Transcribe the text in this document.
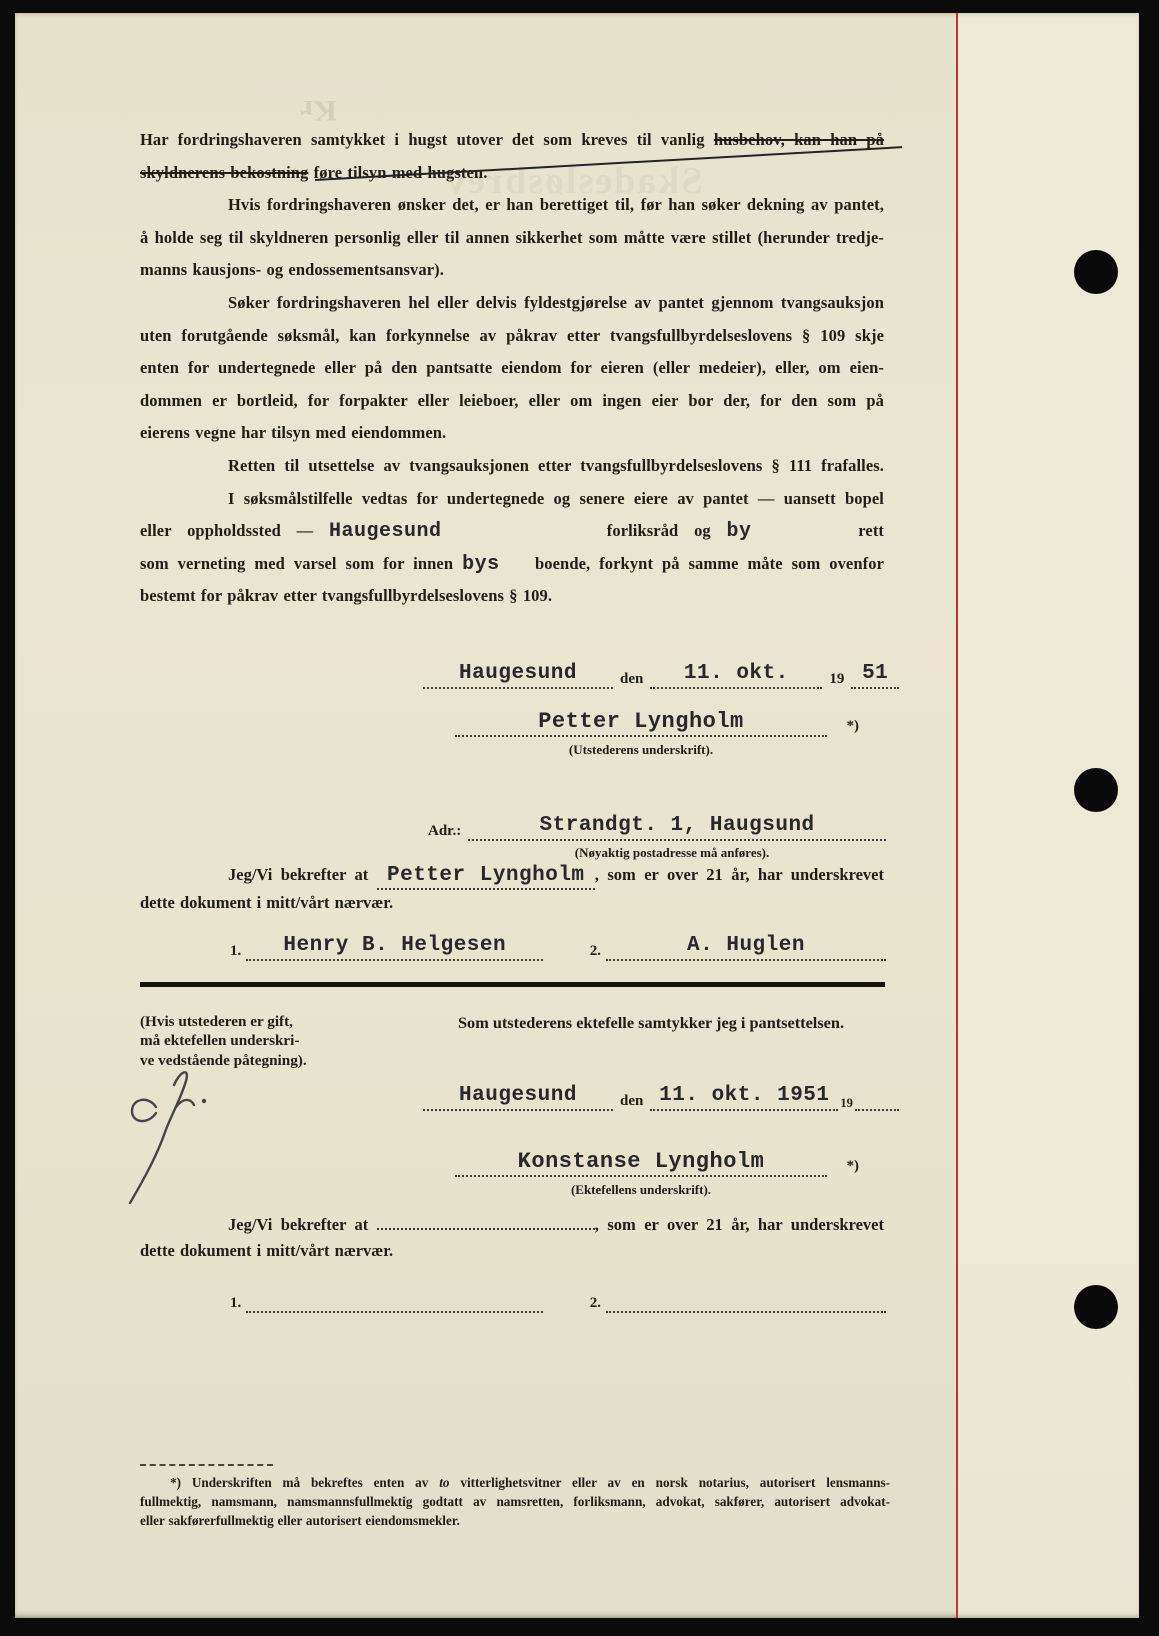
Kr
Skadesløsbrev
Har fordringshaveren samtykket i hugst utover det som kreves til vanlig husbehov, kan han på
skyldnerens bekostning føre tilsyn med hugsten.
Hvis fordringshaveren ønsker det, er han berettiget til, før han søker dekning av pantet,
å holde seg til skyldneren personlig eller til annen sikkerhet som måtte være stillet (herunder tredje-
manns kausjons- og endossementsansvar).
Søker fordringshaveren hel eller delvis fyldestgjørelse av pantet gjennom tvangsauksjon
uten forutgående søksmål, kan forkynnelse av påkrav etter tvangsfullbyrdelseslovens § 109 skje
enten for undertegnede eller på den pantsatte eiendom for eieren (eller medeier), eller, om eien-
dommen er bortleid, for forpakter eller leieboer, eller om ingen eier bor der, for den som på
eierens vegne har tilsyn med eiendommen.
Retten til utsettelse av tvangsauksjonen etter tvangsfullbyrdelseslovens § 111 frafalles.
I søksmålstilfelle vedtas for undertegnede og senere eiere av pantet — uansett bopel
eller oppholdssted — Haugesund	forliksråd og by	rett
som verneting med varsel som for innen bys boende, forkynt på samme måte som ovenfor
bestemt for påkrav etter tvangsfullbyrdelseslovens § 109.
Haugesund	den	11. okt.	19 51
Petter Lyngholm	*)
(Utstederens underskrift).
Adr.:	Strandgt. 1, Haugsund
(Nøyaktig postadresse må anføres).
Jeg/Vi bekrefter at Petter Lyngholm , som er over 21 år, har underskrevet dette dokument i mitt/vårt nærvær.
1. Henry B. Helgesen	2.	A. Huglen
(Hvis utstederen er gift,
må ektefellen underskri-
ve vedstående påtegning).
Som utstederens ektefelle samtykker jeg i pantsettelsen.
Haugesund	den 11. okt. 1951 19
Konstanse Lyngholm	*)
(Ektefellens underskrift).
Jeg/Vi bekrefter at	, som er over 21 år, har underskrevet dette dokument i mitt/vårt nærvær.
1.	2.
*) Underskriften må bekreftes enten av to vitterlighetsvitner eller av en norsk notarius, autorisert lensmanns-
fullmektig, namsmann, namsmannsfullmektig godtatt av namsretten, forliksmann, advokat, sakfører, autorisert advokat-
eller sakførerfullmektig eller autorisert eiendomsmekler.
